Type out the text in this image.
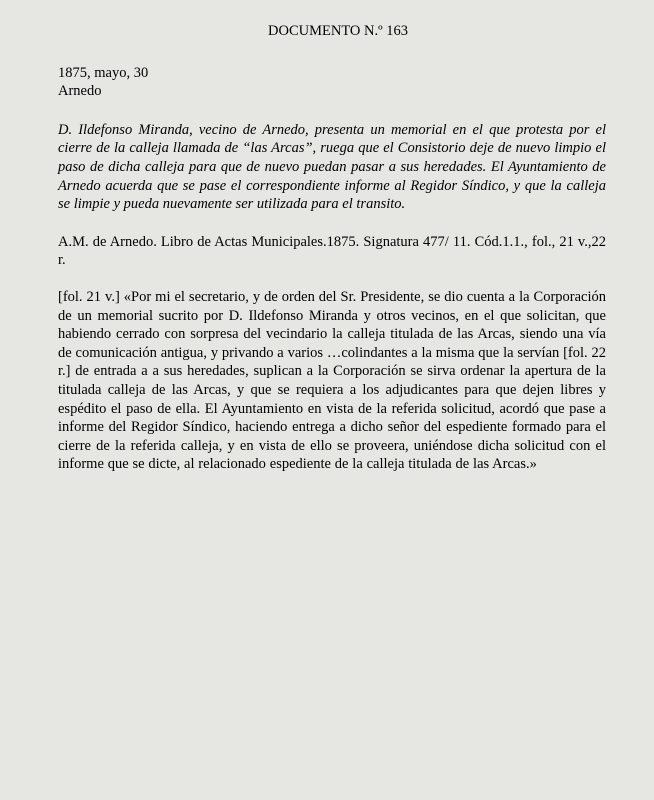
DOCUMENTO N.º 163

1875, mayo, 30

Arnedo

D. Ildefonso Miranda, vecino de Arnedo, presenta un memorial en el que protesta por el cierre de la calleja llamada de “las Arcas”, ruega que el Consistorio deje de nuevo limpio el paso de dicha calleja para que de nuevo puedan pasar a sus heredades. El Ayuntamiento de Arnedo acuerda que se pase el correspondiente informe al Regidor Síndico, y que la calleja se limpie y pueda nuevamente ser utilizada para el transito.

A.M. de Arnedo. Libro de Actas Municipales.1875. Signatura 477/ 11. Cód.1.1., fol., 21 v.,22 r.

[fol. 21 v.] «Por mi el secretario, y de orden del Sr. Presidente, se dio cuenta a la Corporación de un memorial sucrito por D. Ildefonso Miranda y otros vecinos, en el que solicitan, que habiendo cerrado con sorpresa del vecindario la calleja titulada de las Arcas, siendo una vía de comunicación antigua, y privando a varios …colindantes a la misma que la servían [fol. 22 r.] de entrada a a sus heredades, suplican a la Corporación se sirva ordenar la apertura de la titulada calleja de las Arcas, y que se requiera a los adjudicantes para que dejen libres y espédito el paso de ella. El Ayuntamiento en vista de la referida solicitud, acordó que pase a informe del Regidor Síndico, haciendo entrega a dicho señor del espediente formado para el cierre de la referida calleja, y en vista de ello se proveera, uniéndose dicha solicitud con el informe que se dicte, al relacionado espediente de la calleja titulada de las Arcas.»
